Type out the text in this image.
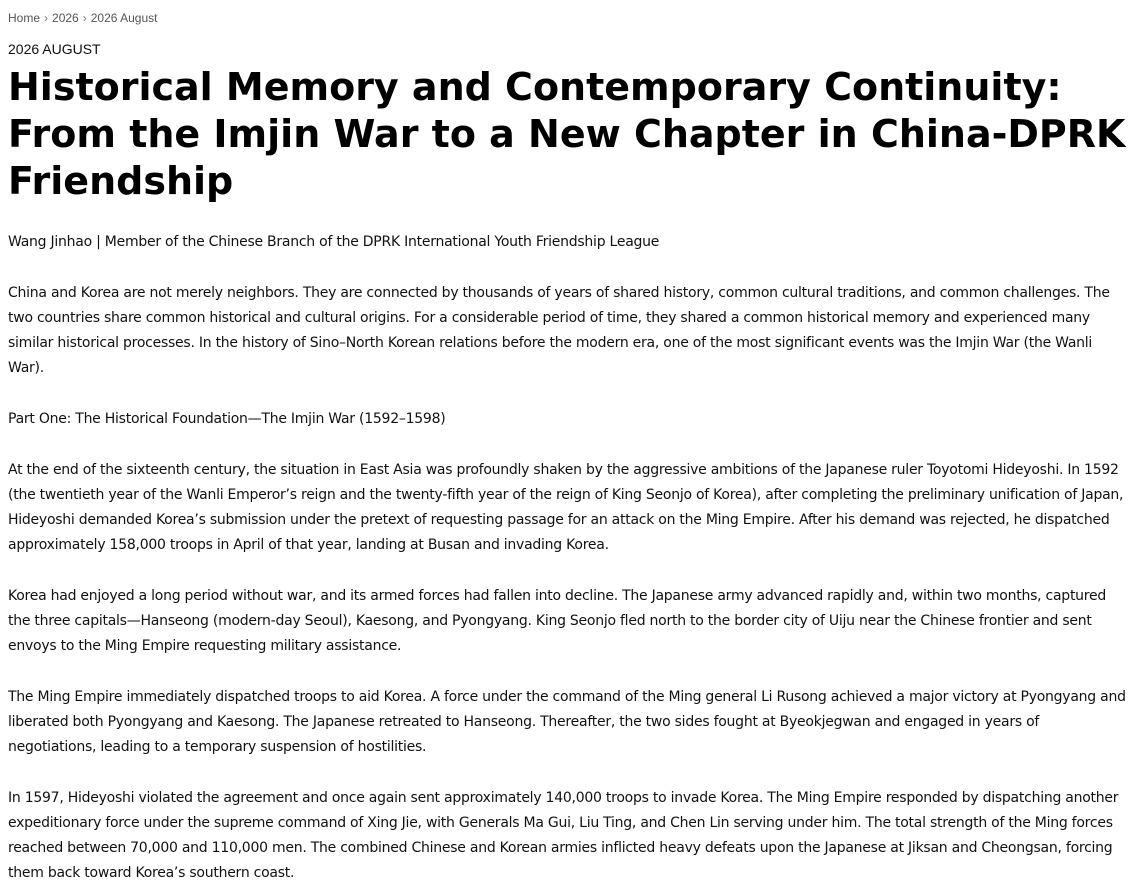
Home › 2026 › 2026 August
2026 AUGUST
Historical Memory and Contemporary Continuity: From the Imjin War to a New Chapter in China-DPRK Friendship

Wang Jinhao | Member of the Chinese Branch of the DPRK International Youth Friendship League

China and Korea are not merely neighbors. They are connected by thousands of years of shared history, common cultural traditions, and common challenges. The two countries share common historical and cultural origins. For a considerable period of time, they shared a common historical memory and experienced many similar historical processes. In the history of Sino–North Korean relations before the modern era, one of the most significant events was the Imjin War (the Wanli War).

Part One: The Historical Foundation—The Imjin War (1592–1598)

At the end of the sixteenth century, the situation in East Asia was profoundly shaken by the aggressive ambitions of the Japanese ruler Toyotomi Hideyoshi. In 1592 (the twentieth year of the Wanli Emperor’s reign and the twenty-fifth year of the reign of King Seonjo of Korea), after completing the preliminary unification of Japan, Hideyoshi demanded Korea’s submission under the pretext of requesting passage for an attack on the Ming Empire. After his demand was rejected, he dispatched approximately 158,000 troops in April of that year, landing at Busan and invading Korea.

Korea had enjoyed a long period without war, and its armed forces had fallen into decline. The Japanese army advanced rapidly and, within two months, captured the three capitals—Hanseong (modern-day Seoul), Kaesong, and Pyongyang. King Seonjo fled north to the border city of Uiju near the Chinese frontier and sent envoys to the Ming Empire requesting military assistance.

The Ming Empire immediately dispatched troops to aid Korea. A force under the command of the Ming general Li Rusong achieved a major victory at Pyongyang and liberated both Pyongyang and Kaesong. The Japanese retreated to Hanseong. Thereafter, the two sides fought at Byeokjegwan and engaged in years of negotiations, leading to a temporary suspension of hostilities.

In 1597, Hideyoshi violated the agreement and once again sent approximately 140,000 troops to invade Korea. The Ming Empire responded by dispatching another expeditionary force under the supreme command of Xing Jie, with Generals Ma Gui, Liu Ting, and Chen Lin serving under him. The total strength of the Ming forces reached between 70,000 and 110,000 men. The combined Chinese and Korean armies inflicted heavy defeats upon the Japanese at Jiksan and Cheongsan, forcing them back toward Korea’s southern coast.
